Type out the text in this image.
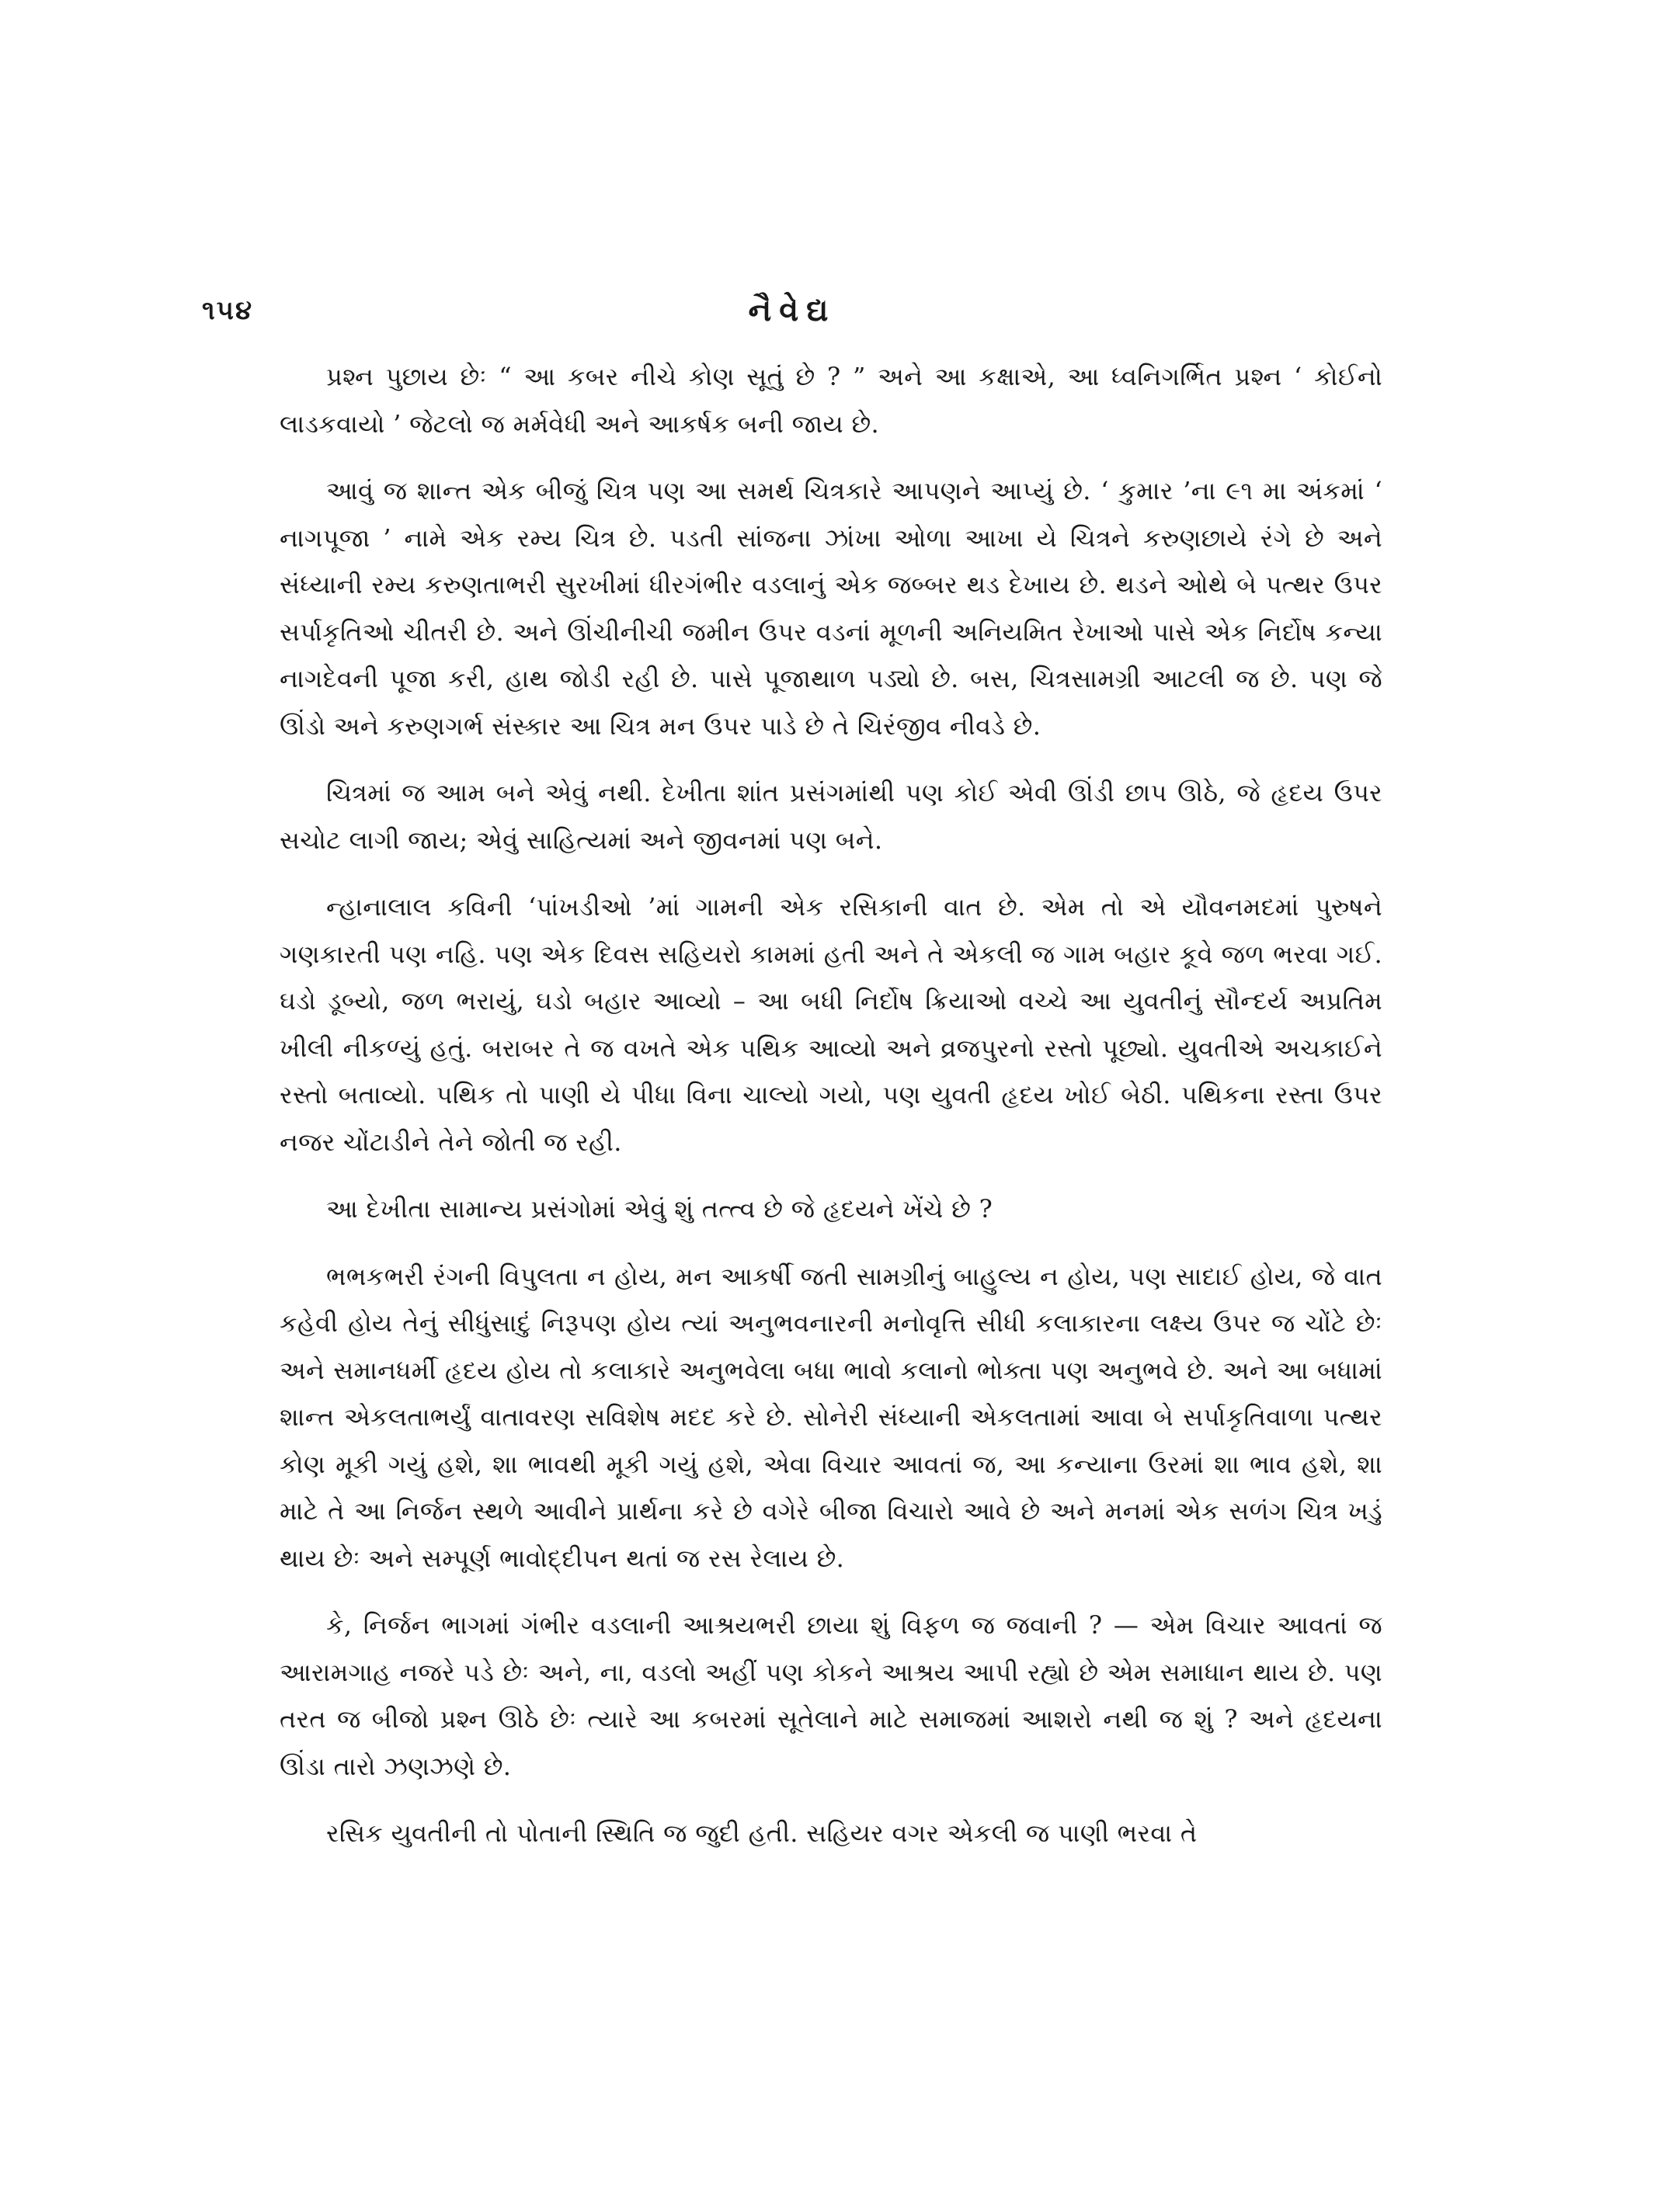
૧૫૪	નૈવેદ્ય

પ્રશ્ન પુછાય છેઃ “ આ કબર નીચે કોણ સૂતું છે ? ” અને આ કક્ષાએ, આ ધ્વનિગર્ભિત પ્રશ્ન ‘ કોઈનો લાડકવાયો ’ જેટલો જ મર્મવેધી અને આકર્ષક બની જાય છે.

આવું જ શાન્ત એક બીજું ચિત્ર પણ આ સમર્થ ચિત્રકારે આપણને આપ્યું છે. ‘ કુમાર ’ના ૯૧ મા અંકમાં ‘ નાગપૂજા ’ નામે એક રમ્ય ચિત્ર છે. પડતી સાંજના ઝાંખા ઓળા આખા યે ચિત્રને કરુણછાયે રંગે છે અને સંધ્યાની રમ્ય કરુણતાભરી સુરખીમાં ધીરગંભીર વડલાનું એક જબ્બર થડ દેખાય છે. થડને ઓથે બે પત્થર ઉપર સર્પાકૃતિઓ ચીતરી છે. અને ઊંચીનીચી જમીન ઉપર વડનાં મૂળની અનિયમિત રેખાઓ પાસે એક નિર્દોષ કન્યા નાગદેવની પૂજા કરી, હાથ જોડી રહી છે. પાસે પૂજાથાળ પડ્યો છે. બસ, ચિત્રસામગ્રી આટલી જ છે. પણ જે ઊંડો અને કરુણગર્ભ સંસ્કાર આ ચિત્ર મન ઉપર પાડે છે તે ચિરંજીવ નીવડે છે.

ચિત્રમાં જ આમ બને એવું નથી. દેખીતા શાંત પ્રસંગમાંથી પણ કોઈ એવી ઊંડી છાપ ઊઠે, જે હૃદય ઉપર સચોટ લાગી જાય; એવું સાહિત્યમાં અને જીવનમાં પણ બને.

ન્હાનાલાલ કવિની ‘પાંખડીઓ ’માં ગામની એક રસિકાની વાત છે. એમ તો એ યૌવનમદમાં પુરુષને ગણકારતી પણ નહિ. પણ એક દિવસ સહિયરો કામમાં હતી અને તે એકલી જ ગામ બહાર કૂવે જળ ભરવા ગઈ. ઘડો ડૂબ્યો, જળ ભરાયું, ઘડો બહાર આવ્યો – આ બધી નિર્દોષ ક્રિયાઓ વચ્ચે આ યુવતીનું સૌન્દર્ય અપ્રતિમ ખીલી નીકળ્યું હતું. બરાબર તે જ વખતે એક પથિક આવ્યો અને વ્રજપુરનો રસ્તો પૂછ્યો. યુવતીએ અચકાઈને રસ્તો બતાવ્યો. પથિક તો પાણી યે પીધા વિના ચાલ્યો ગયો, પણ યુવતી હૃદય ખોઈ બેઠી. પથિકના રસ્તા ઉપર નજર ચોંટાડીને તેને જોતી જ રહી.

આ દેખીતા સામાન્ય પ્રસંગોમાં એવું શું તત્ત્વ છે જે હૃદયને ખેંચે છે ?

ભભકભરી રંગની વિપુલતા ન હોય, મન આકર્ષી જતી સામગ્રીનું બાહુલ્ય ન હોય, પણ સાદાઈ હોય, જે વાત કહેવી હોય તેનું સીધુંસાદું નિરૂપણ હોય ત્યાં અનુભવનારની મનોવૃત્તિ સીધી કલાકારના લક્ષ્ય ઉપર જ ચોંટે છેઃ અને સમાનધર્મી હૃદય હોય તો કલાકારે અનુભવેલા બધા ભાવો કલાનો ભોક્તા પણ અનુભવે છે. અને આ બધામાં શાન્ત એકલતાભર્યું વાતાવરણ સવિશેષ મદદ કરે છે. સોનેરી સંધ્યાની એકલતામાં આવા બે સર્પાકૃતિવાળા પત્થર કોણ મૂકી ગયું હશે, શા ભાવથી મૂકી ગયું હશે, એવા વિચાર આવતાં જ, આ કન્યાના ઉરમાં શા ભાવ હશે, શા માટે તે આ નિર્જન સ્થળે આવીને પ્રાર્થના કરે છે વગેરે બીજા વિચારો આવે છે અને મનમાં એક સળંગ ચિત્ર ખડું થાય છેઃ અને સમ્પૂર્ણ ભાવોદ્દીપન થતાં જ રસ રેલાય છે.

કે, નિર્જન ભાગમાં ગંભીર વડલાની આશ્રયભરી છાયા શું વિફળ જ જવાની ? — એમ વિચાર આવતાં જ આરામગાહ નજરે પડે છેઃ અને, ના, વડલો અહીં પણ કોકને આશ્રય આપી રહ્યો છે એમ સમાધાન થાય છે. પણ તરત જ બીજો પ્રશ્ન ઊઠે છેઃ ત્યારે આ કબરમાં સૂતેલાને માટે સમાજમાં આશરો નથી જ શું ? અને હૃદયના ઊંડા તારો ઝણઝણે છે.

રસિક યુવતીની તો પોતાની સ્થિતિ જ જુદી હતી. સહિયર વગર એકલી જ પાણી ભરવા તે
